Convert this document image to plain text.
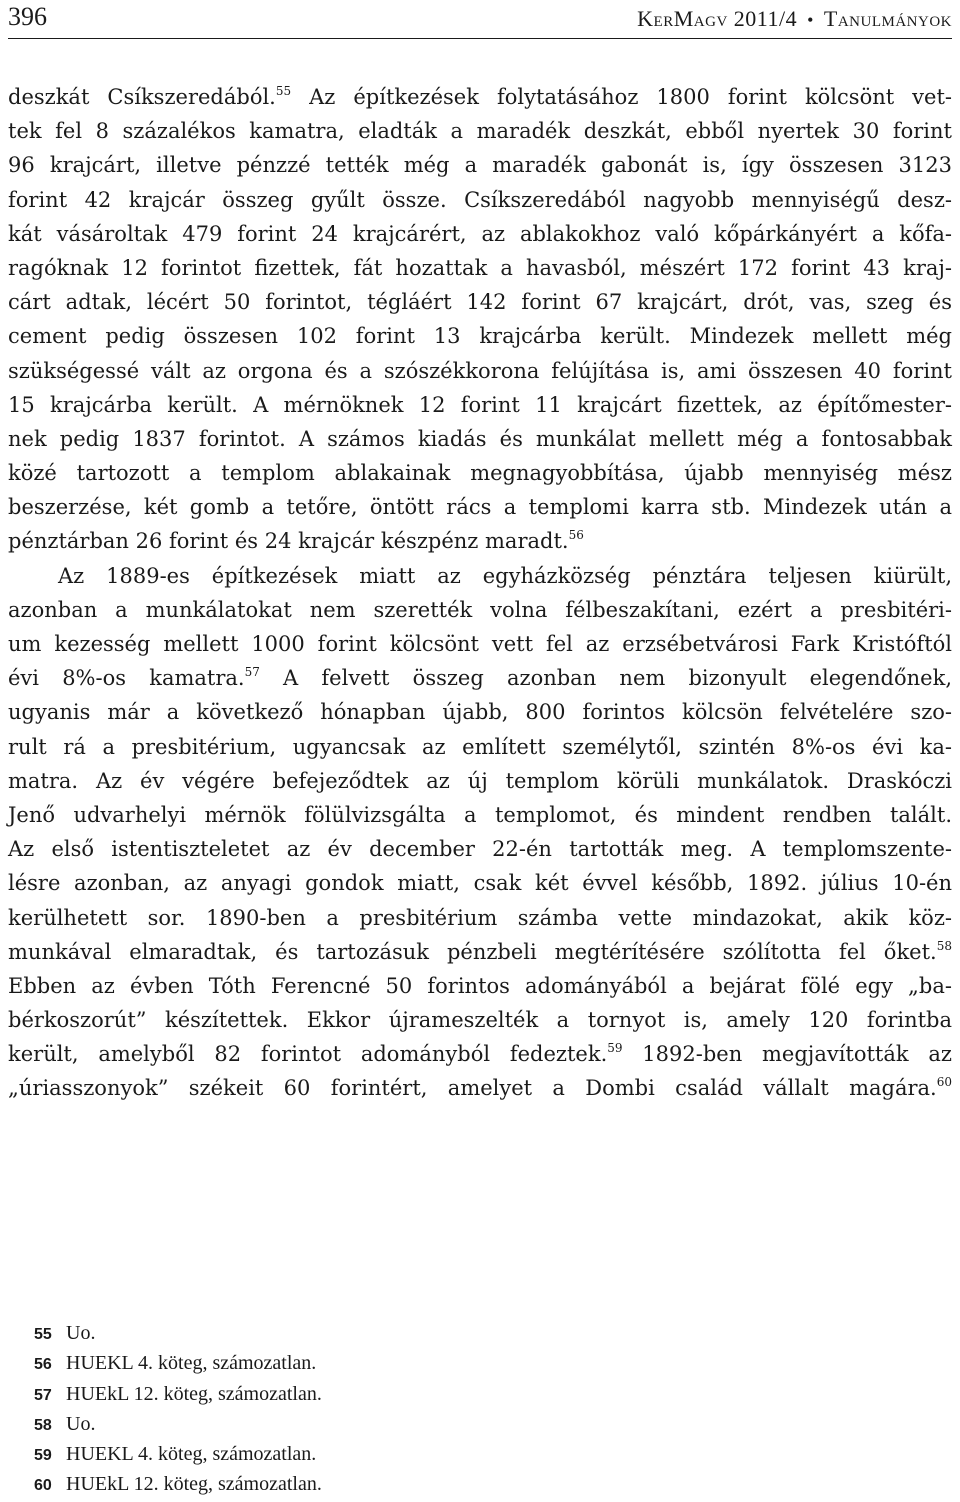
396	KerMagv 2011/4 • Tanulmányok
deszkát Csíkszeredából.$^{55}$ Az építkezések folytatásához 1800 forint kölcsönt vet-
tek fel 8 százalékos kamatra, eladták a maradék deszkát, ebből nyertek 30 forint
96 krajcárt, illetve pénzzé tették még a maradék gabonát is, így összesen 3123
forint 42 krajcár összeg gyűlt össze. Csíkszeredából nagyobb mennyiségű desz-
kát vásároltak 479 forint 24 krajcárért, az ablakokhoz való kőpárkányért a kőfa-
ragóknak 12 forintot fizettek, fát hozattak a havasból, mészért 172 forint 43 kraj-
cárt adtak, lécért 50 forintot, tégláért 142 forint 67 krajcárt, drót, vas, szeg és
cement pedig összesen 102 forint 13 krajcárba került. Mindezek mellett még
szükségessé vált az orgona és a szószékkorona felújítása is, ami összesen 40 forint
15 krajcárba került. A mérnöknek 12 forint 11 krajcárt fizettek, az építőmester-
nek pedig 1837 forintot. A számos kiadás és munkálat mellett még a fontosabbak
közé tartozott a templom ablakainak megnagyobbítása, újabb mennyiség mész
beszerzése, két gomb a tetőre, öntött rács a templomi karra stb. Mindezek után a
pénztárban 26 forint és 24 krajcár készpénz maradt.$^{56}$
Az 1889-es építkezések miatt az egyházközség pénztára teljesen kiürült,
azonban a munkálatokat nem szerették volna félbeszakítani, ezért a presbitéri-
um kezesség mellett 1000 forint kölcsönt vett fel az erzsébetvárosi Fark Kristóftól
évi 8%-os kamatra.$^{57}$ A felvett összeg azonban nem bizonyult elegendőnek,
ugyanis már a következő hónapban újabb, 800 forintos kölcsön felvételére szo-
rult rá a presbitérium, ugyancsak az említett személytől, szintén 8%-os évi ka-
matra. Az év végére befejeződtek az új templom körüli munkálatok. Draskóczi
Jenő udvarhelyi mérnök fölülvizsgálta a templomot, és mindent rendben talált.
Az első istentiszteletet az év december 22-én tartották meg. A templomszente-
lésre azonban, az anyagi gondok miatt, csak két évvel később, 1892. július 10-én
kerülhetett sor. 1890-ben a presbitérium számba vette mindazokat, akik köz-
munkával elmaradtak, és tartozásuk pénzbeli megtérítésére szólította fel őket.$^{58}$
Ebben az évben Tóth Ferencné 50 forintos adományából a bejárat fölé egy „ba-
bérkoszorút” készítettek. Ekkor újrameszelték a tornyot is, amely 120 forintba
került, amelyből 82 forintot adományból fedeztek.$^{59}$ 1892-ben megjavították az
„úriasszonyok” székeit 60 forintért, amelyet a Dombi család vállalt magára.$^{60}$
55 Uo.
56 HUEKL 4. köteg, számozatlan.
57 HUEkL 12. köteg, számozatlan.
58 Uo.
59 HUEKL 4. köteg, számozatlan.
60 HUEkL 12. köteg, számozatlan.
